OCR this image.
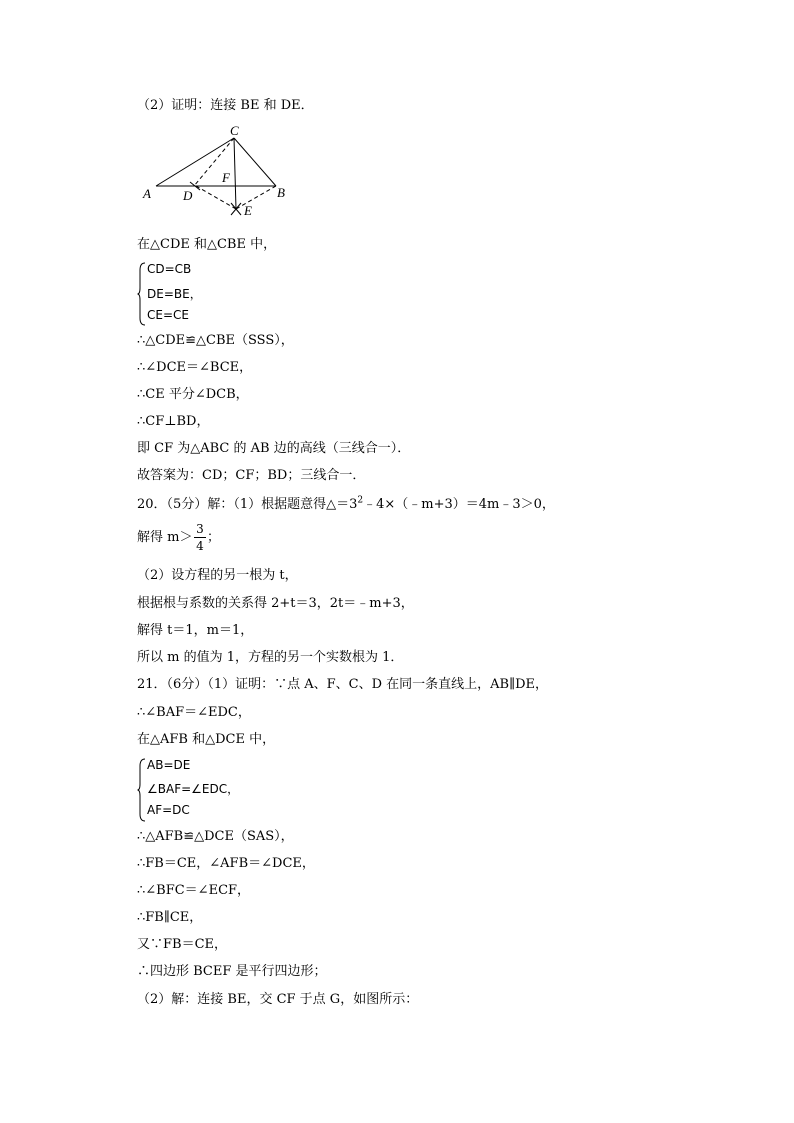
（2）证明：连接 BE 和 DE．
C
A D
F
B
E
在△CDE 和△CBE 中，
CD=CB
DE=BE，
CE=CE
∴△CDE≌△CBE（SSS），
∴∠DCE＝∠BCE，
∴CE 平分∠DCB，
∴CF⊥BD，
即 CF 为△ABC 的 AB 边的高线（三线合一）．
故答案为：CD；CF；BD；三线合一．
20．（5分）解：（1）根据题意得$\triangle=3^2﹣4\times(﹣m+3)=4m﹣3>0$，
解得 m＞
3
4
；
（2）设方程的另一根为 t，
根据根与系数的关系得 2+t＝3，2t＝﹣m+3，
解得 t＝1，m＝1，
所以 m 的值为 1，方程的另一个实数根为 1．
21．（6分）（1）证明：∵点 A、F、C、D 在同一条直线上，AB∥DE，
∴∠BAF＝∠EDC，
在△AFB 和△DCE 中，
AB=DE
∠BAF=∠EDC，
AF=DC
∴△AFB≌△DCE（SAS），
∴FB＝CE，∠AFB＝∠DCE，
∴∠BFC＝∠ECF，
∴FB∥CE，
又∵FB＝CE，
∴四边形 BCEF 是平行四边形；
（2）解：连接 BE，交 CF 于点 G，如图所示：
